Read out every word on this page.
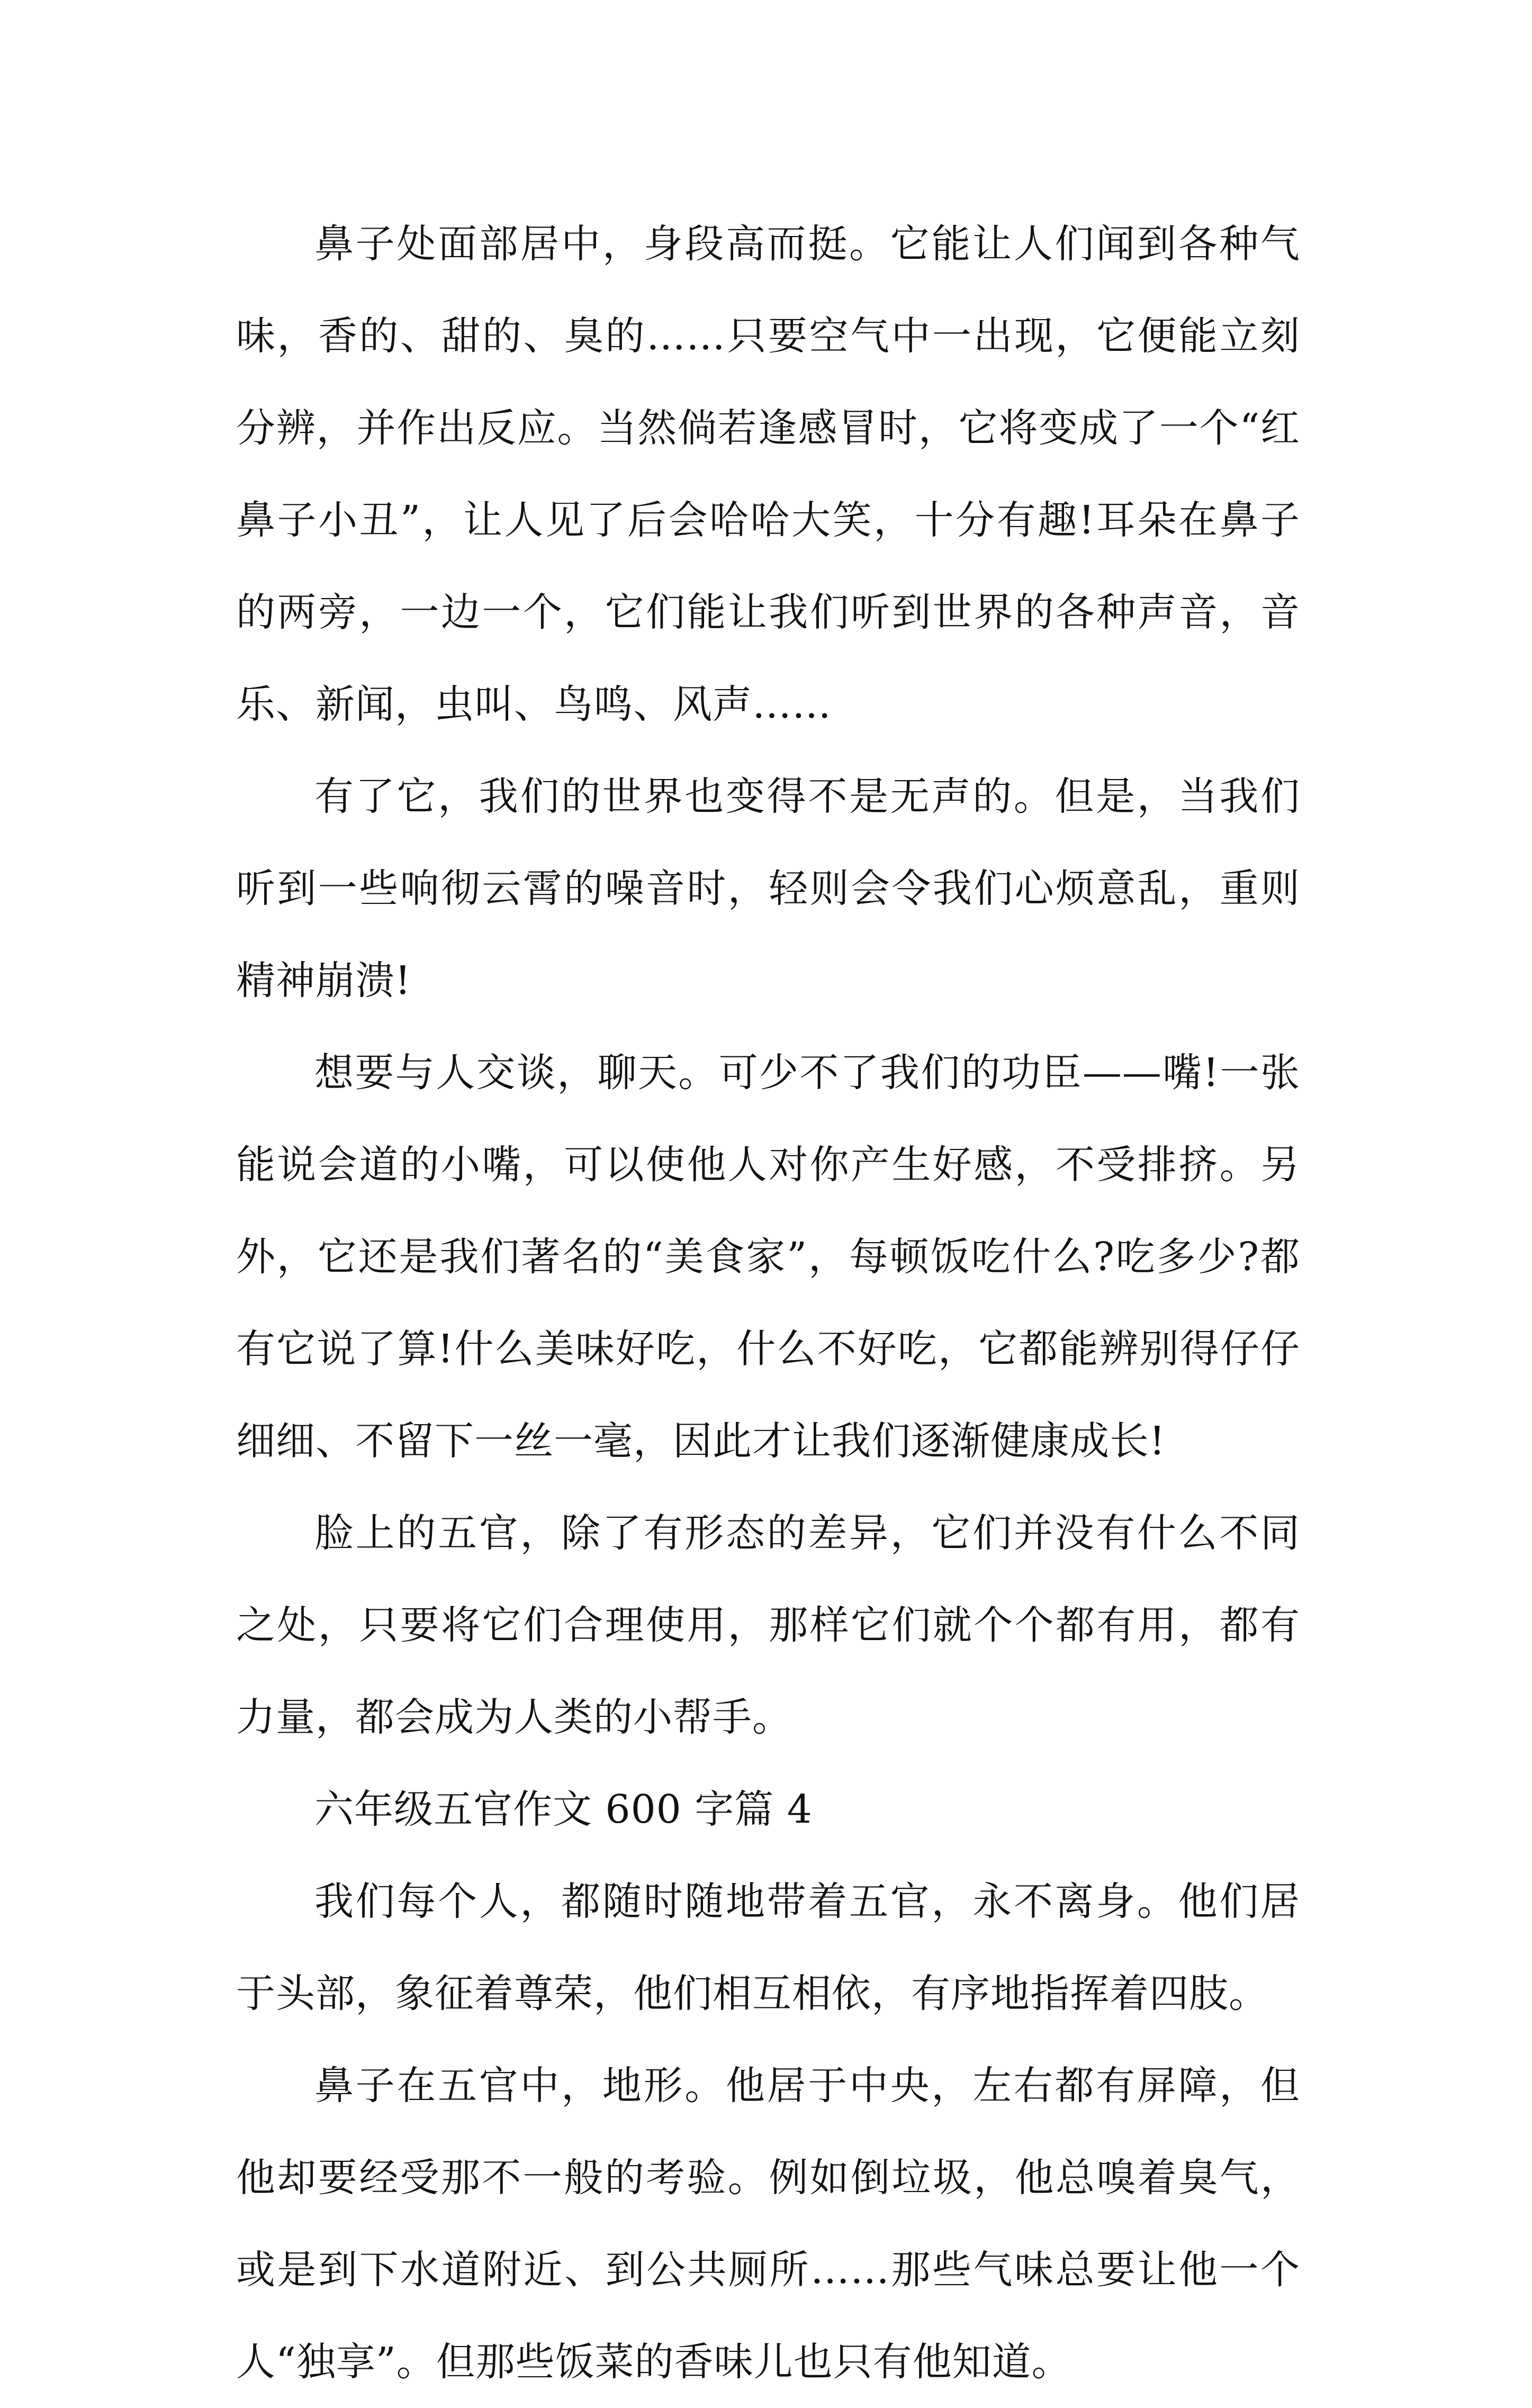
鼻子处面部居中，身段高而挺。它能让人们闻到各种气味，香的、甜的、臭的……只要空气中一出现，它便能立刻分辨，并作出反应。当然倘若逢感冒时，它将变成了一个“红鼻子小丑”，让人见了后会哈哈大笑，十分有趣!耳朵在鼻子的两旁，一边一个，它们能让我们听到世界的各种声音，音乐、新闻，虫叫、鸟鸣、风声……

有了它，我们的世界也变得不是无声的。但是，当我们听到一些响彻云霄的噪音时，轻则会令我们心烦意乱，重则精神崩溃!

想要与人交谈，聊天。可少不了我们的功臣——嘴!一张能说会道的小嘴，可以使他人对你产生好感，不受排挤。另外，它还是我们著名的“美食家”，每顿饭吃什么?吃多少?都有它说了算!什么美味好吃，什么不好吃，它都能辨别得仔仔细细、不留下一丝一毫，因此才让我们逐渐健康成长!

脸上的五官，除了有形态的差异，它们并没有什么不同之处，只要将它们合理使用，那样它们就个个都有用，都有力量，都会成为人类的小帮手。

六年级五官作文 600 字篇 4

我们每个人，都随时随地带着五官，永不离身。他们居于头部，象征着尊荣，他们相互相依，有序地指挥着四肢。

鼻子在五官中，地形。他居于中央，左右都有屏障，但他却要经受那不一般的考验。例如倒垃圾，他总嗅着臭气，或是到下水道附近、到公共厕所……那些气味总要让他一个人“独享”。但那些饭菜的香味儿也只有他知道。
